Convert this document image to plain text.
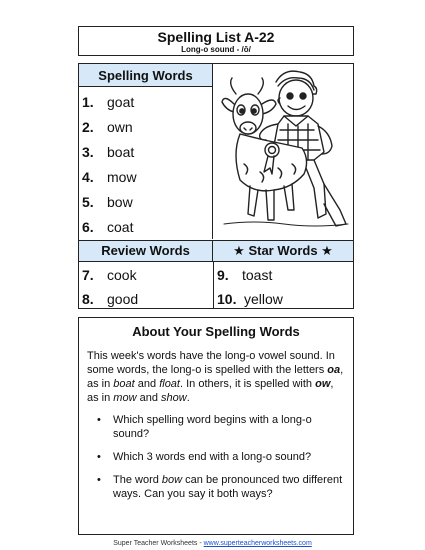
Spelling List A-22
Long-o sound - /ō/
Spelling Words
1. goat
2. own
3. boat
4. mow
5. bow
6. coat
Review Words	★ Star Words ★
7. cook
8. good
9. toast
10. yellow
About Your Spelling Words

This week's words have the long-o vowel sound. In some words, the long-o is spelled with the letters oa, as in boat and float. In others, it is spelled with ow, as in mow and show.

• Which spelling word begins with a long-o sound?
• Which 3 words end with a long-o sound?
• The word bow can be pronounced two different ways. Can you say it both ways?
Super Teacher Worksheets - www.superteacherworksheets.com
